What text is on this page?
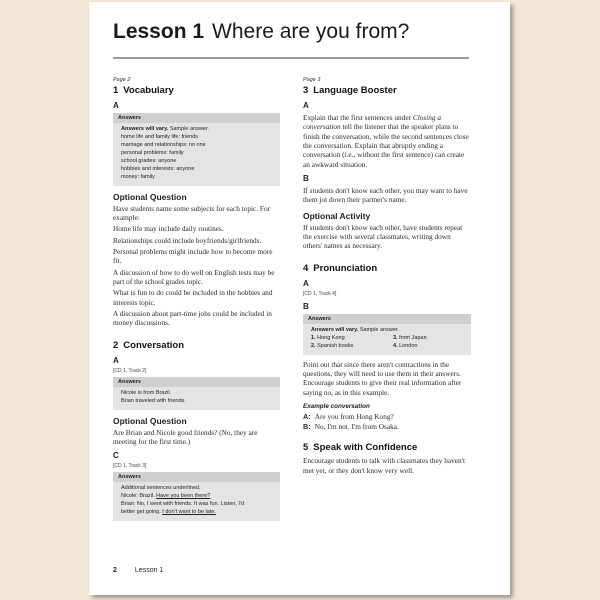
Lesson 1 Where are you from?
Page 2
1 Vocabulary
A
Answers
Answers will vary. Sample answer.
home life and family life: friends
marriage and relationships: no one
personal problems: family
school grades: anyone
hobbies and interests: anyone
money: family
Optional Question

Have students name some subjects for each topic. For example:

Home life may include daily routines.

Relationships could include boyfriends/girlfriends.

Personal problems might include how to become more fit.

A discussion of how to do well on English tests may be part of the school grades topic.

What is fun to do could be included in the hobbies and interests topic.

A discussion about part-time jobs could be included in money discussions.

2 Conversation
A
[CD 1, Track 2]
Answers
Nicole is from Brazil.
Brian traveled with friends.
Optional Question

Are Brian and Nicole good friends? (No, they are meeting for the first time.)

C
[CD 1, Track 3]
Answers
Additional sentences underlined.
Nicole: Brazil. Have you been there?
Brian: No, I went with friends. It was fun. Listen, I'd
better get going. I don't want to be late.
Page 3
3 Language Booster
A

Explain that the first sentences under Closing a conversation tell the listener that the speaker plans to finish the conversation, while the second sentences close the conversation. Explain that abruptly ending a conversation (i.e., without the first sentence) can create an awkward situation.

B

If students don't know each other, you may want to have them jot down their partner's name.

Optional Activity

If students don't know each other, have students repeat the exercise with several classmates, writing down others' names as necessary.

4 Pronunciation
A
[CD 1, Track 4]
B
Answers
Answers will vary. Sample answer.
1. Hong Kong	3. from Japan
2. Spanish books	4. London

Point out that since there aren't contractions in the questions, they will need to use them in their answers. Encourage students to give their real information after saying no, as in this example.

Example conversation
A: Are you from Hong Kong?
B: No, I'm not. I'm from Osaka.
5 Speak with Confidence

Encourage students to talk with classmates they haven't met yet, or they don't know very well.

2	Lesson 1
